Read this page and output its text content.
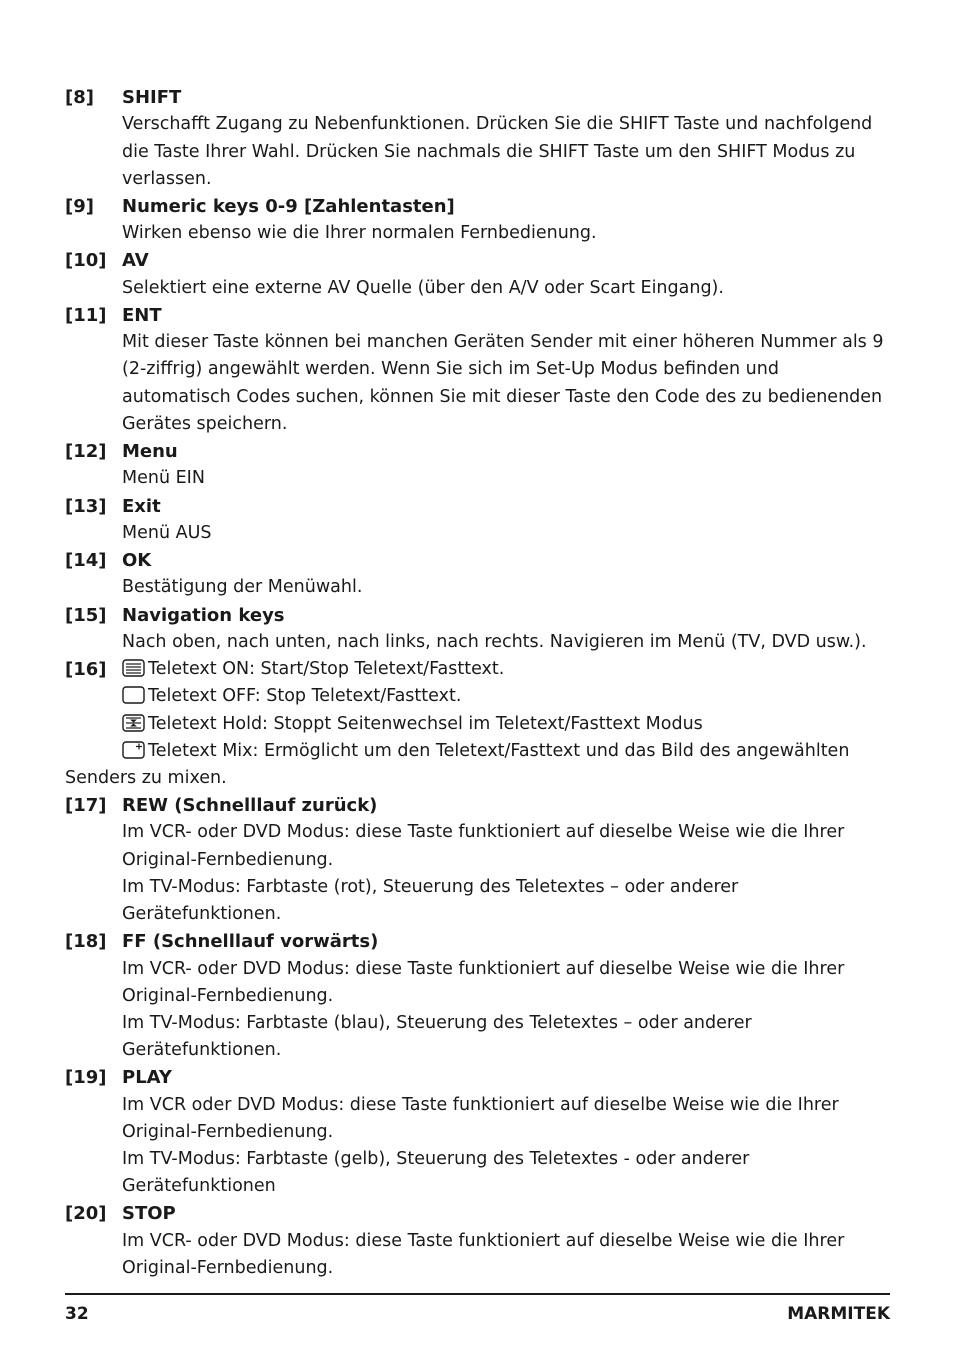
[8]	SHIFT

Verschafft Zugang zu Nebenfunktionen. Drücken Sie die SHIFT Taste und nachfolgend

die Taste Ihrer Wahl. Drücken Sie nachmals die SHIFT Taste um den SHIFT Modus zu

verlassen.

[9]	Numeric keys 0-9 [Zahlentasten]

Wirken ebenso wie die Ihrer normalen Fernbedienung.

[10] AV

Selektiert eine externe AV Quelle (über den A/V oder Scart Eingang).

[11] ENT

Mit dieser Taste können bei manchen Geräten Sender mit einer höheren Nummer als 9

(2-ziffrig) angewählt werden. Wenn Sie sich im Set-Up Modus befinden und

automatisch Codes suchen, können Sie mit dieser Taste den Code des zu bedienenden

Gerätes speichern.

[12] Menu

Menü EIN

[13] Exit

Menü AUS

[14] OK

Bestätigung der Menüwahl.

[15] Navigation keys

Nach oben, nach unten, nach links, nach rechts. Navigieren im Menü (TV, DVD usw.).

[16]	Teletext ON: Start/Stop Teletext/Fasttext.

Teletext OFF: Stop Teletext/Fasttext.

Teletext Hold: Stoppt Seitenwechsel im Teletext/Fasttext Modus

Teletext Mix: Ermöglicht um den Teletext/Fasttext und das Bild des angewählten

Senders zu mixen.

[17] REW (Schnelllauf zurück)

Im VCR- oder DVD Modus: diese Taste funktioniert auf dieselbe Weise wie die Ihrer

Original-Fernbedienung.

Im TV-Modus: Farbtaste (rot), Steuerung des Teletextes – oder anderer

Gerätefunktionen.

[18] FF (Schnelllauf vorwärts)

Im VCR- oder DVD Modus: diese Taste funktioniert auf dieselbe Weise wie die Ihrer

Original-Fernbedienung.

Im TV-Modus: Farbtaste (blau), Steuerung des Teletextes – oder anderer

Gerätefunktionen.

[19] PLAY

Im VCR oder DVD Modus: diese Taste funktioniert auf dieselbe Weise wie die Ihrer

Original-Fernbedienung.

Im TV-Modus: Farbtaste (gelb), Steuerung des Teletextes - oder anderer

Gerätefunktionen

[20] STOP

Im VCR- oder DVD Modus: diese Taste funktioniert auf dieselbe Weise wie die Ihrer

Original-Fernbedienung.

32	MARMITEK
